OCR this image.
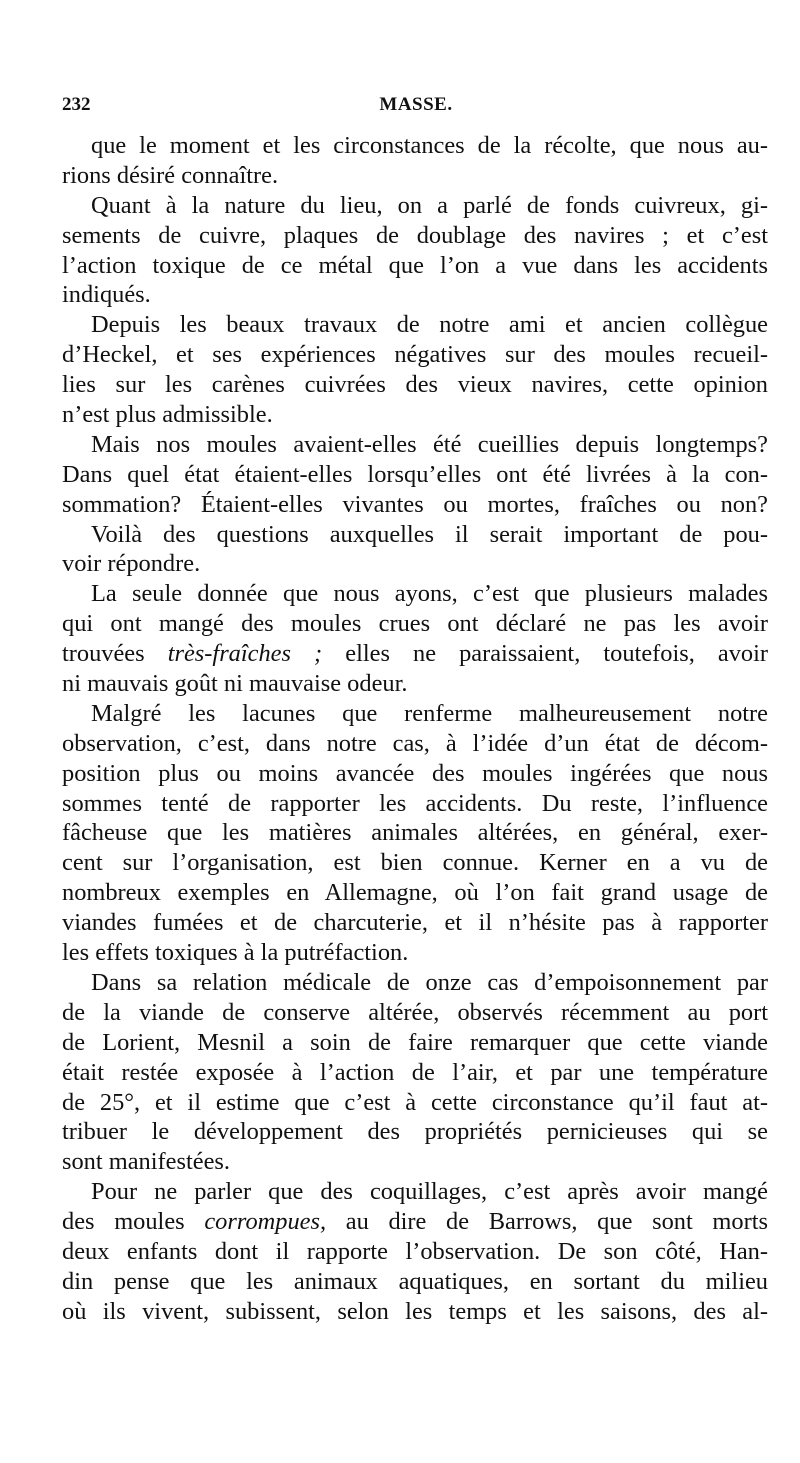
232	MASSE.
que le moment et les circonstances de la récolte, que nous au-
rions désiré connaître.
Quant à la nature du lieu, on a parlé de fonds cuivreux, gi-
sements de cuivre, plaques de doublage des navires ; et c’est
l’action toxique de ce métal que l’on a vue dans les accidents
indiqués.
Depuis les beaux travaux de notre ami et ancien collègue
d’Heckel, et ses expériences négatives sur des moules recueil-
lies sur les carènes cuivrées des vieux navires, cette opinion
n’est plus admissible.
Mais nos moules avaient-elles été cueillies depuis longtemps?
Dans quel état étaient-elles lorsqu’elles ont été livrées à la con-
sommation? Étaient-elles vivantes ou mortes, fraîches ou non?
Voilà des questions auxquelles il serait important de pou-
voir répondre.
La seule donnée que nous ayons, c’est que plusieurs malades
qui ont mangé des moules crues ont déclaré ne pas les avoir
trouvées très-fraîches ; elles ne paraissaient, toutefois, avoir
ni mauvais goût ni mauvaise odeur.
Malgré les lacunes que renferme malheureusement notre
observation, c’est, dans notre cas, à l’idée d’un état de décom-
position plus ou moins avancée des moules ingérées que nous
sommes tenté de rapporter les accidents. Du reste, l’influence
fâcheuse que les matières animales altérées, en général, exer-
cent sur l’organisation, est bien connue. Kerner en a vu de
nombreux exemples en Allemagne, où l’on fait grand usage de
viandes fumées et de charcuterie, et il n’hésite pas à rapporter
les effets toxiques à la putréfaction.
Dans sa relation médicale de onze cas d’empoisonnement par
de la viande de conserve altérée, observés récemment au port
de Lorient, Mesnil a soin de faire remarquer que cette viande
était restée exposée à l’action de l’air, et par une température
de 25°, et il estime que c’est à cette circonstance qu’il faut at-
tribuer le développement des propriétés pernicieuses qui se
sont manifestées.
Pour ne parler que des coquillages, c’est après avoir mangé
des moules corrompues, au dire de Barrows, que sont morts
deux enfants dont il rapporte l’observation. De son côté, Han-
din pense que les animaux aquatiques, en sortant du milieu
où ils vivent, subissent, selon les temps et les saisons, des al-
